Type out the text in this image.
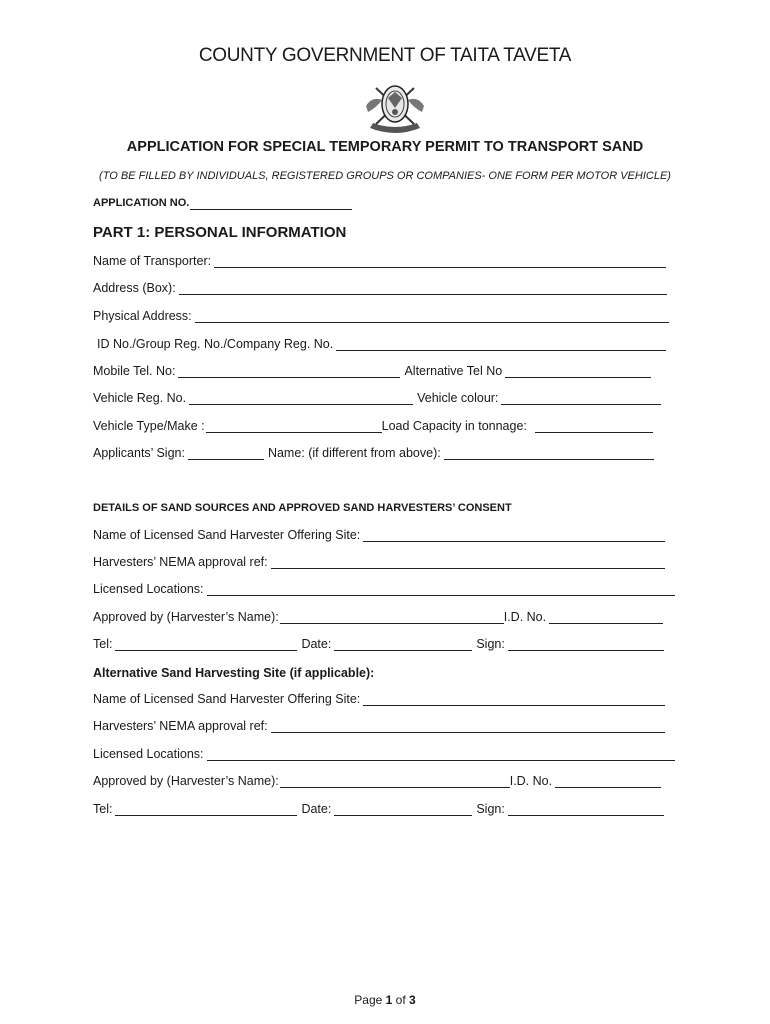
COUNTY GOVERNMENT OF TAITA TAVETA
APPLICATION FOR SPECIAL TEMPORARY PERMIT TO TRANSPORT SAND
(TO BE FILLED BY INDIVIDUALS, REGISTERED GROUPS OR COMPANIES- ONE FORM PER MOTOR VEHICLE)
APPLICATION NO.
PART 1: PERSONAL INFORMATION
Name of Transporter:
Address (Box):
Physical Address:
ID No./Group Reg. No./Company Reg. No.
Mobile Tel. No:	Alternative Tel No
Vehicle Reg. No.	Vehicle colour:
Vehicle Type/Make :	Load Capacity in tonnage:
Applicants’ Sign:	Name: (if different from above):
DETAILS OF SAND SOURCES AND APPROVED SAND HARVESTERS’ CONSENT
Name of Licensed Sand Harvester Offering Site:
Harvesters’ NEMA approval ref:
Licensed Locations:
Approved by (Harvester’s Name):	I.D. No.
Tel:	Date:	Sign:
Alternative Sand Harvesting Site (if applicable):
Name of Licensed Sand Harvester Offering Site:
Harvesters’ NEMA approval ref:
Licensed Locations:
Approved by (Harvester’s Name):	I.D. No.
Tel:	Date:	Sign:
Page 1 of 3
